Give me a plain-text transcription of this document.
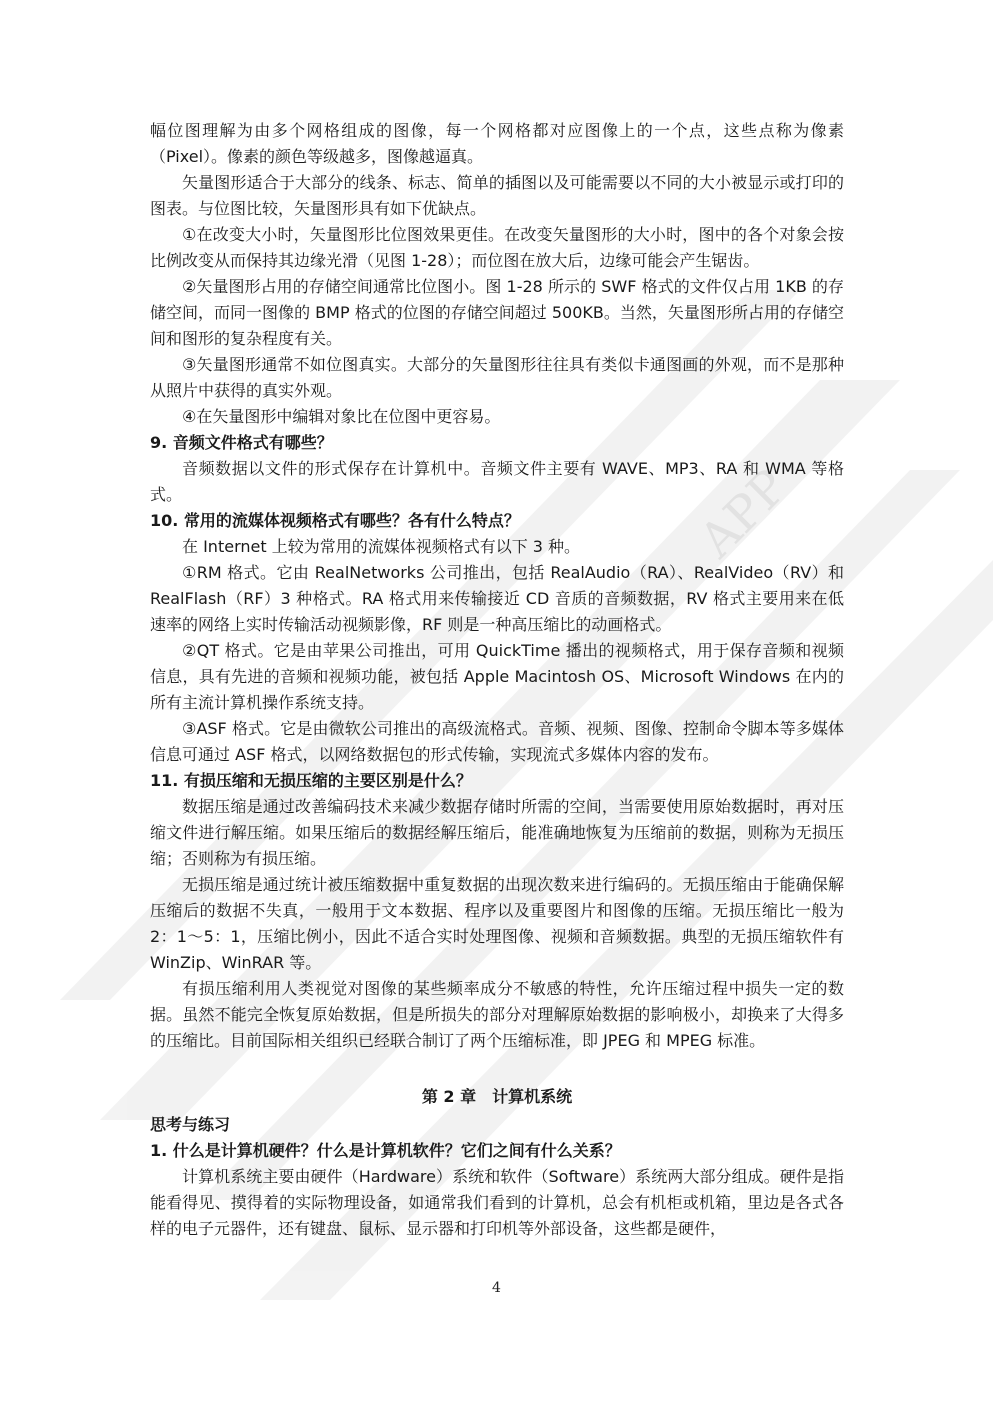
APP

幅位图理解为由多个网格组成的图像，每一个网格都对应图像上的一个点，这些点称为像素（Pixel）。像素的颜色等级越多，图像越逼真。

矢量图形适合于大部分的线条、标志、简单的插图以及可能需要以不同的大小被显示或打印的图表。与位图比较，矢量图形具有如下优缺点。

①在改变大小时，矢量图形比位图效果更佳。在改变矢量图形的大小时，图中的各个对象会按比例改变从而保持其边缘光滑（见图 1-28）；而位图在放大后，边缘可能会产生锯齿。

②矢量图形占用的存储空间通常比位图小。图 1-28 所示的 SWF 格式的文件仅占用 1KB 的存储空间，而同一图像的 BMP 格式的位图的存储空间超过 500KB。当然，矢量图形所占用的存储空间和图形的复杂程度有关。

③矢量图形通常不如位图真实。大部分的矢量图形往往具有类似卡通图画的外观，而不是那种从照片中获得的真实外观。

④在矢量图形中编辑对象比在位图中更容易。

9. 音频文件格式有哪些？

音频数据以文件的形式保存在计算机中。音频文件主要有 WAVE、MP3、RA 和 WMA 等格式。

10. 常用的流媒体视频格式有哪些？各有什么特点？

在 Internet 上较为常用的流媒体视频格式有以下 3 种。

①RM 格式。它由 RealNetworks 公司推出，包括 RealAudio（RA）、RealVideo（RV）和 RealFlash（RF）3 种格式。RA 格式用来传输接近 CD 音质的音频数据，RV 格式主要用来在低速率的网络上实时传输活动视频影像，RF 则是一种高压缩比的动画格式。

②QT 格式。它是由苹果公司推出，可用 QuickTime 播出的视频格式，用于保存音频和视频信息，具有先进的音频和视频功能，被包括 Apple Macintosh OS、Microsoft Windows 在内的所有主流计算机操作系统支持。

③ASF 格式。它是由微软公司推出的高级流格式。音频、视频、图像、控制命令脚本等多媒体信息可通过 ASF 格式，以网络数据包的形式传输，实现流式多媒体内容的发布。

11. 有损压缩和无损压缩的主要区别是什么？

数据压缩是通过改善编码技术来减少数据存储时所需的空间，当需要使用原始数据时，再对压缩文件进行解压缩。如果压缩后的数据经解压缩后，能准确地恢复为压缩前的数据，则称为无损压缩；否则称为有损压缩。

无损压缩是通过统计被压缩数据中重复数据的出现次数来进行编码的。无损压缩由于能确保解压缩后的数据不失真，一般用于文本数据、程序以及重要图片和图像的压缩。无损压缩比一般为 2：1～5：1，压缩比例小，因此不适合实时处理图像、视频和音频数据。典型的无损压缩软件有 WinZip、WinRAR 等。

有损压缩利用人类视觉对图像的某些频率成分不敏感的特性，允许压缩过程中损失一定的数据。虽然不能完全恢复原始数据，但是所损失的部分对理解原始数据的影响极小，却换来了大得多的压缩比。目前国际相关组织已经联合制订了两个压缩标准，即 JPEG 和 MPEG 标准。

第 2 章　计算机系统

思考与练习

1. 什么是计算机硬件？什么是计算机软件？它们之间有什么关系？

计算机系统主要由硬件（Hardware）系统和软件（Software）系统两大部分组成。硬件是指能看得见、摸得着的实际物理设备，如通常我们看到的计算机，总会有机柜或机箱，里边是各式各样的电子元器件，还有键盘、鼠标、显示器和打印机等外部设备，这些都是硬件，

4
